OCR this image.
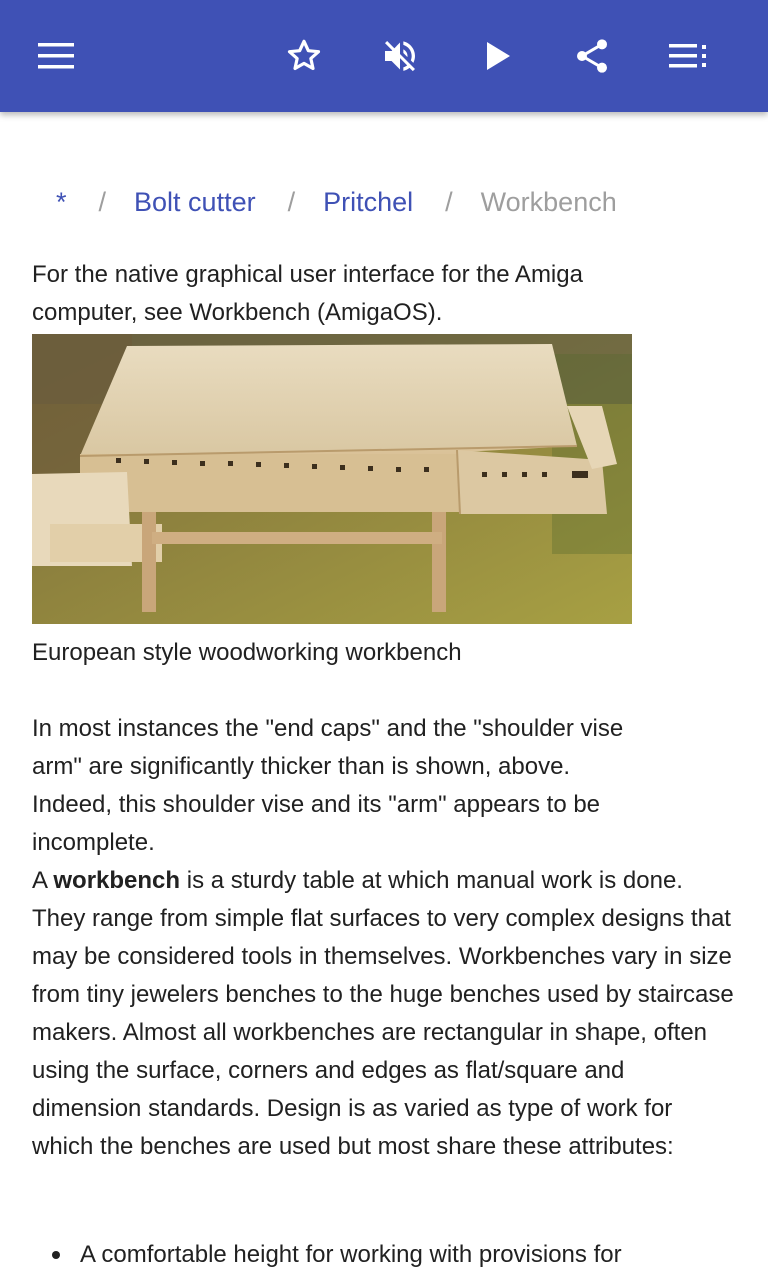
* / Bolt cutter / Pritchel / Workbench
For the native graphical user interface for the Amiga computer, see Workbench (AmigaOS).
European style woodworking workbench
In most instances the "end caps" and the "shoulder vise arm" are significantly thicker than is shown, above. Indeed, this shoulder vise and its "arm" appears to be incomplete.

A workbench is a sturdy table at which manual work is done. They range from simple flat surfaces to very complex designs that may be considered tools in themselves. Workbenches vary in size from tiny jewelers benches to the huge benches used by staircase makers. Almost all workbenches are rectangular in shape, often using the surface, corners and edges as flat/square and dimension standards. Design is as varied as type of work for which the benches are used but most share these attributes:

A comfortable height for working with provisions for
